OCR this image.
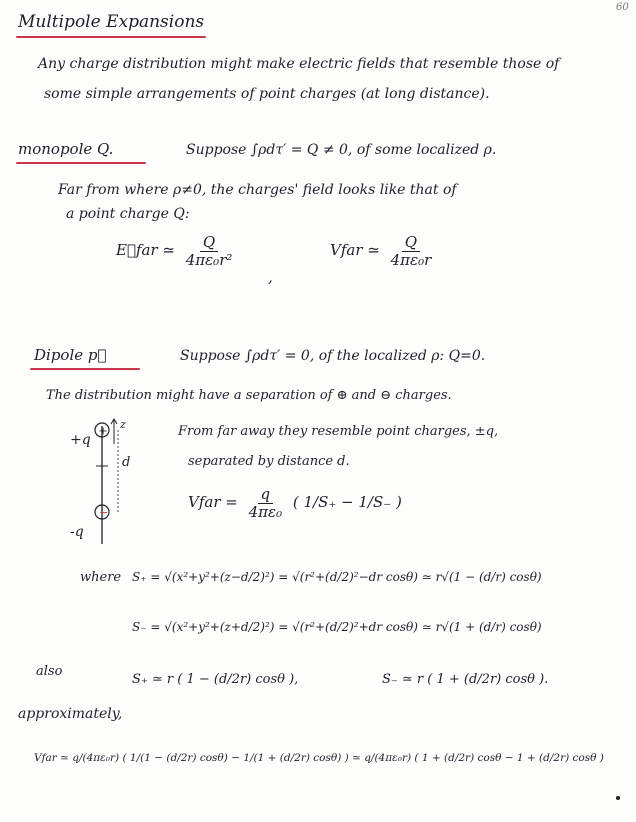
60
Multipole Expansions
Any charge distribution might make electric fields that resemble those of
some simple arrangements of point charges (at long distance).
monopole Q.	Suppose ∫ρdτ′ = Q ≠ 0, of some localized ρ.
Far from where ρ≠0, the charges' field looks like that of
a point charge Q:
E⃗far ≃ $\frac{Q}{\text{4πε₀r²}}$
,
Vfar ≃ $\frac{Q}{\text{4πε₀r}}$
Dipole p⃗	Suppose ∫ρdτ′ = 0, of the localized ρ: Q=0.
The distribution might have a separation of ⊕ and ⊖ charges.
+
−
+q
-q
z
d
From far away they resemble point charges, ±q,
separated by distance d.
Vfar = $\frac{q}{\text{4πε₀}}$ ( 1/S₊ − 1/S₋ )
where S₊ = √(x²+y²+(z−d/2)²) = √(r²+(d/2)²−dr cosθ) ≃ r√(1 − (d/r) cosθ)
S₋ = √(x²+y²+(z+d/2)²) = √(r²+(d/2)²+dr cosθ) ≃ r√(1 + (d/r) cosθ)
also
S₊ ≃ r ( 1 − (d/2r) cosθ ),	S₋ ≃ r ( 1 + (d/2r) cosθ ).
approximately,
Vfar ≃ q/(4πε₀r) ( 1/(1 − (d/2r) cosθ) − 1/(1 + (d/2r) cosθ) ) ≃ q/(4πε₀r) ( 1 + (d/2r) cosθ − 1 + (d/2r) cosθ )
